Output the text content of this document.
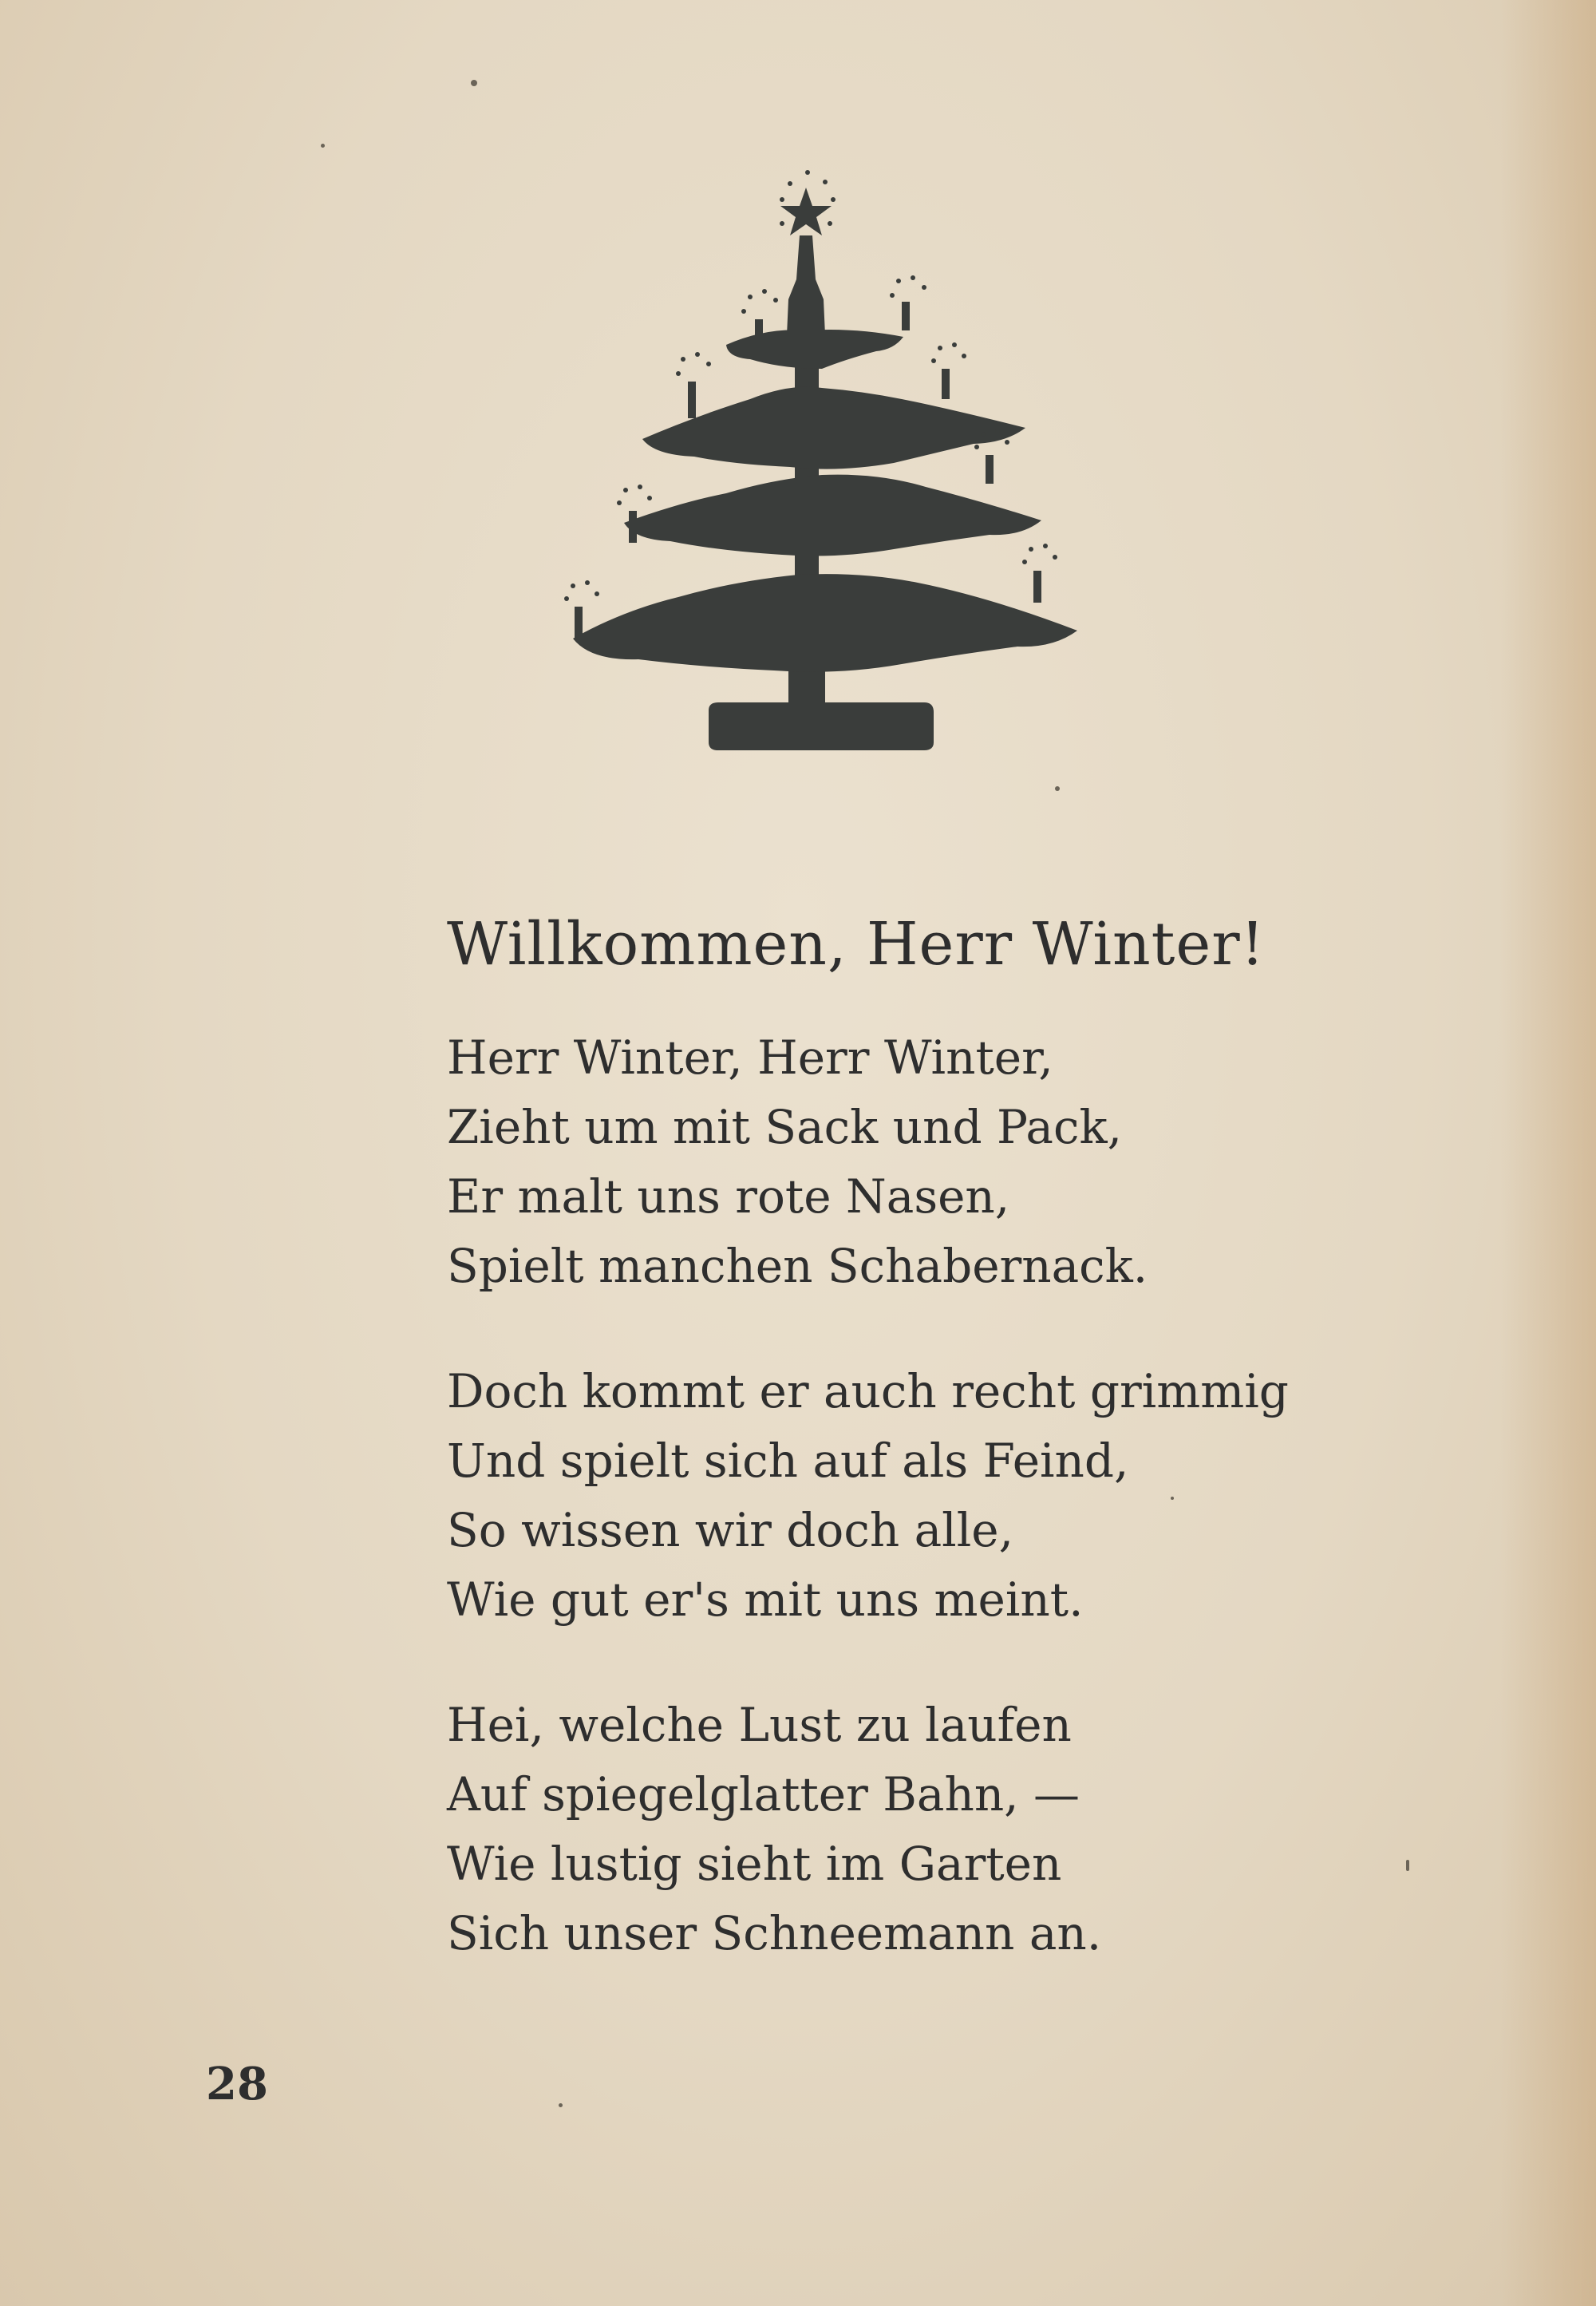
Willkommen, Herr Winter!
Herr Winter, Herr Winter,
Zieht um mit Sack und Pack,
Er malt uns rote Nasen,
Spielt manchen Schabernack.
Doch kommt er auch recht grimmig
Und spielt sich auf als Feind,
So wissen wir doch alle,
Wie gut er's mit uns meint.
Hei, welche Lust zu laufen
Auf spiegelglatter Bahn, —
Wie lustig sieht im Garten
Sich unser Schneemann an.
28
